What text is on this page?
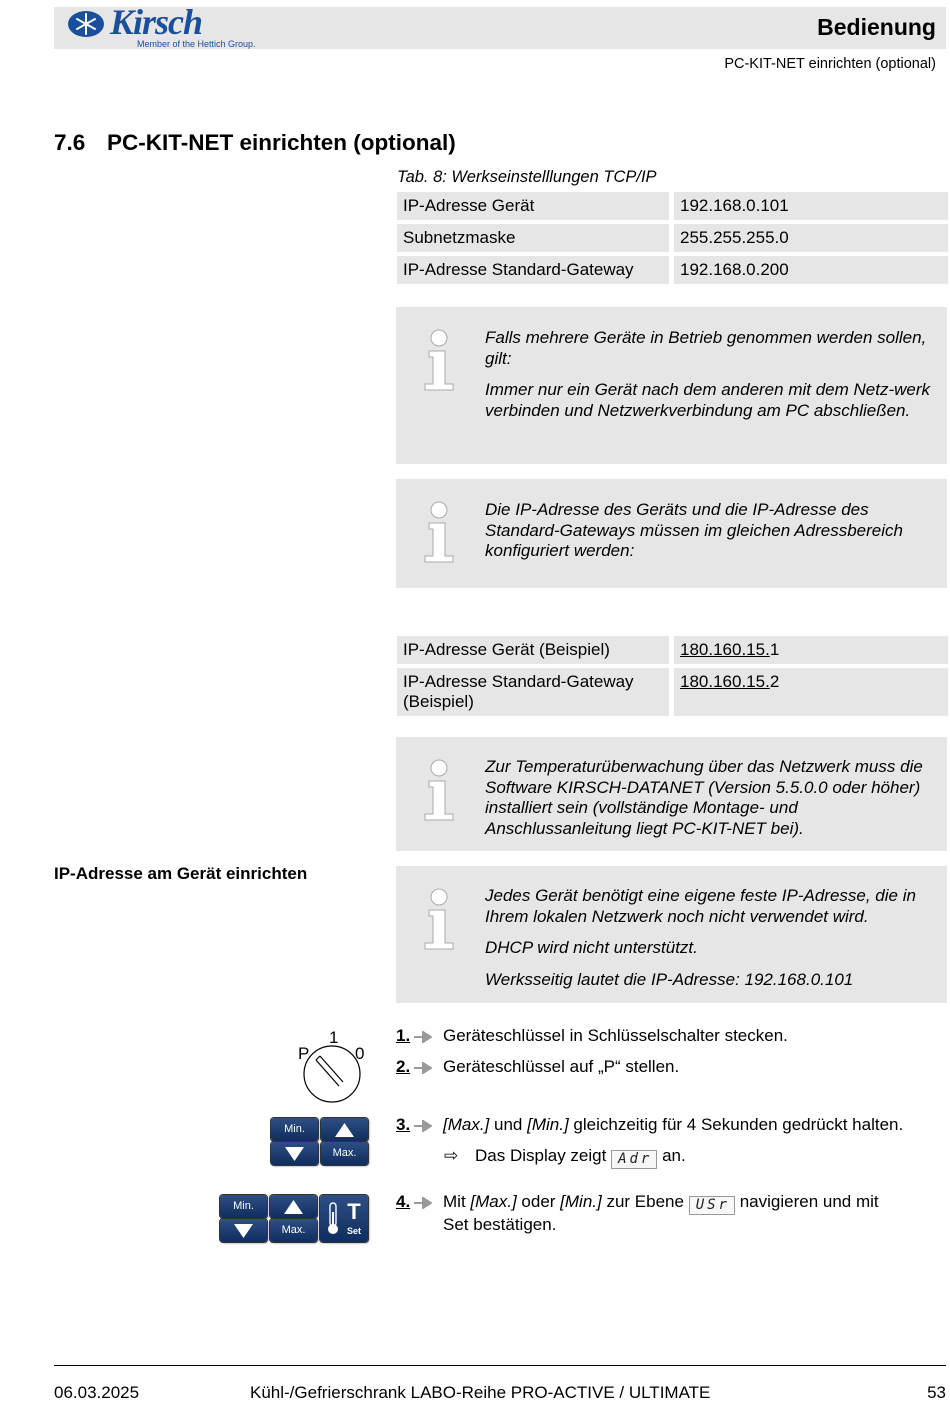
Kirsch
Member of the Hettich Group.
Bedienung
PC-KIT-NET einrichten (optional)
7.6 PC-KIT-NET einrichten (optional)
Tab. 8: Werkseinstelllungen TCP/IP
IP-Adresse Gerät	192.168.0.101
Subnetzmaske	255.255.255.0
IP-Adresse Standard-Gateway	192.168.0.200

Falls mehrere Geräte in Betrieb genommen werden sollen, gilt:

Immer nur ein Gerät nach dem anderen mit dem Netz-werk verbinden und Netzwerkverbindung am PC abschließen.

Die IP-Adresse des Geräts und die IP-Adresse des Standard-Gateways müssen im gleichen Adressbereich konfiguriert werden:

IP-Adresse Gerät (Beispiel)	180.160.15.1
IP-Adresse Standard-Gateway (Beispiel)	180.160.15.2

Zur Temperaturüberwachung über das Netzwerk muss die Software KIRSCH-DATANET (Version 5.5.0.0 oder höher) installiert sein (vollständige Montage- und Anschlussanleitung liegt PC-KIT-NET bei).

IP-Adresse am Gerät einrichten

Jedes Gerät benötigt eine eigene feste IP-Adresse, die in Ihrem lokalen Netzwerk noch nicht verwendet wird.

DHCP wird nicht unterstützt.

Werksseitig lautet die IP-Adresse: 192.168.0.101

P
1
0
Min.
Max.
Min.
Max.
T
Set
1. Geräteschlüssel in Schlüsselschalter stecken.
2. Geräteschlüssel auf „P“ stellen.
3. [Max.] und [Min.] gleichzeitig für 4 Sekunden gedrückt halten.
⇨ Das Display zeigt Adr an.
4. Mit [Max.] oder [Min.] zur Ebene USr navigieren und mit
Set bestätigen.
06.03.2025	Kühl-/Gefrierschrank LABO-Reihe PRO-ACTIVE / ULTIMATE	53
